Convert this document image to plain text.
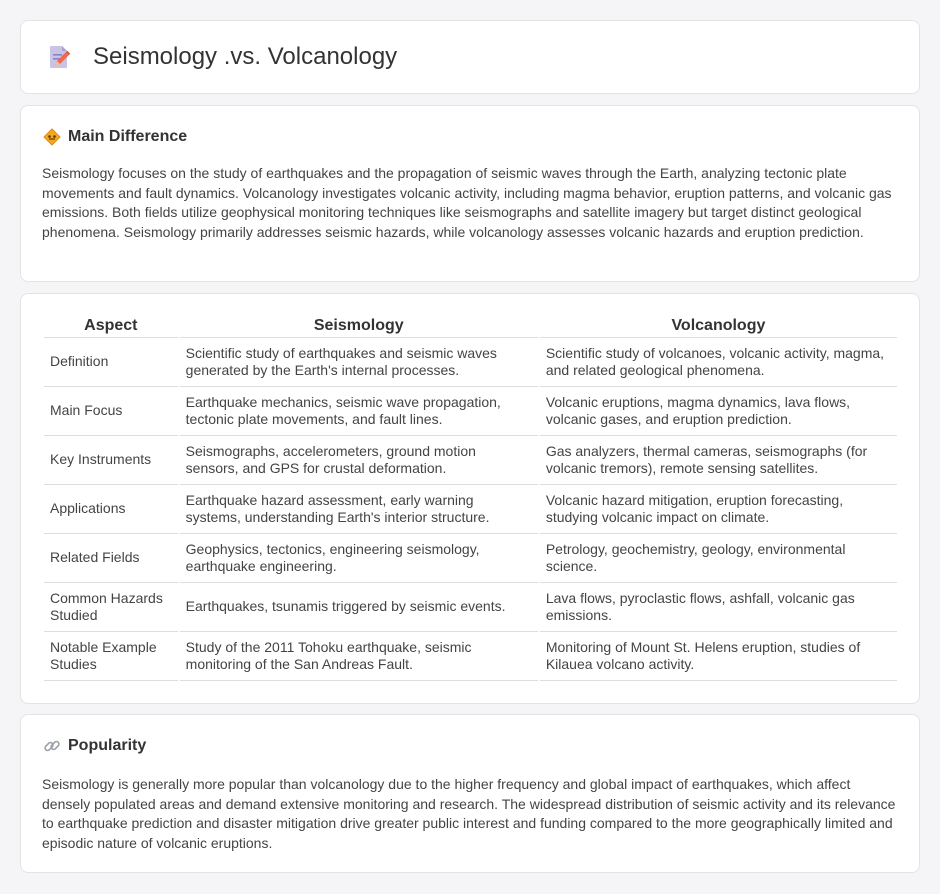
Seismology .vs. Volcanology
Main Difference

Seismology focuses on the study of earthquakes and the propagation of seismic waves through the Earth, analyzing tectonic plate movements and fault dynamics. Volcanology investigates volcanic activity, including magma behavior, eruption patterns, and volcanic gas emissions. Both fields utilize geophysical monitoring techniques like seismographs and satellite imagery but target distinct geological phenomena. Seismology primarily addresses seismic hazards, while volcanology assesses volcanic hazards and eruption prediction.

Aspect	Seismology	Volcanology
Definition	Scientific study of earthquakes and seismic waves generated by the Earth's internal processes.	Scientific study of volcanoes, volcanic activity, magma, and related geological phenomena.
Main Focus	Earthquake mechanics, seismic wave propagation, tectonic plate movements, and fault lines.	Volcanic eruptions, magma dynamics, lava flows, volcanic gases, and eruption prediction.
Key Instruments	Seismographs, accelerometers, ground motion sensors, and GPS for crustal deformation.	Gas analyzers, thermal cameras, seismographs (for volcanic tremors), remote sensing satellites.
Applications	Earthquake hazard assessment, early warning systems, understanding Earth's interior structure.	Volcanic hazard mitigation, eruption forecasting, studying volcanic impact on climate.
Related Fields	Geophysics, tectonics, engineering seismology, earthquake engineering.	Petrology, geochemistry, geology, environmental science.
Common Hazards Studied	Earthquakes, tsunamis triggered by seismic events.	Lava flows, pyroclastic flows, ashfall, volcanic gas emissions.
Notable Example Studies	Study of the 2011 Tohoku earthquake, seismic monitoring of the San Andreas Fault.	Monitoring of Mount St. Helens eruption, studies of Kilauea volcano activity.
Popularity

Seismology is generally more popular than volcanology due to the higher frequency and global impact of earthquakes, which affect densely populated areas and demand extensive monitoring and research. The widespread distribution of seismic activity and its relevance to earthquake prediction and disaster mitigation drive greater public interest and funding compared to the more geographically limited and episodic nature of volcanic eruptions.
